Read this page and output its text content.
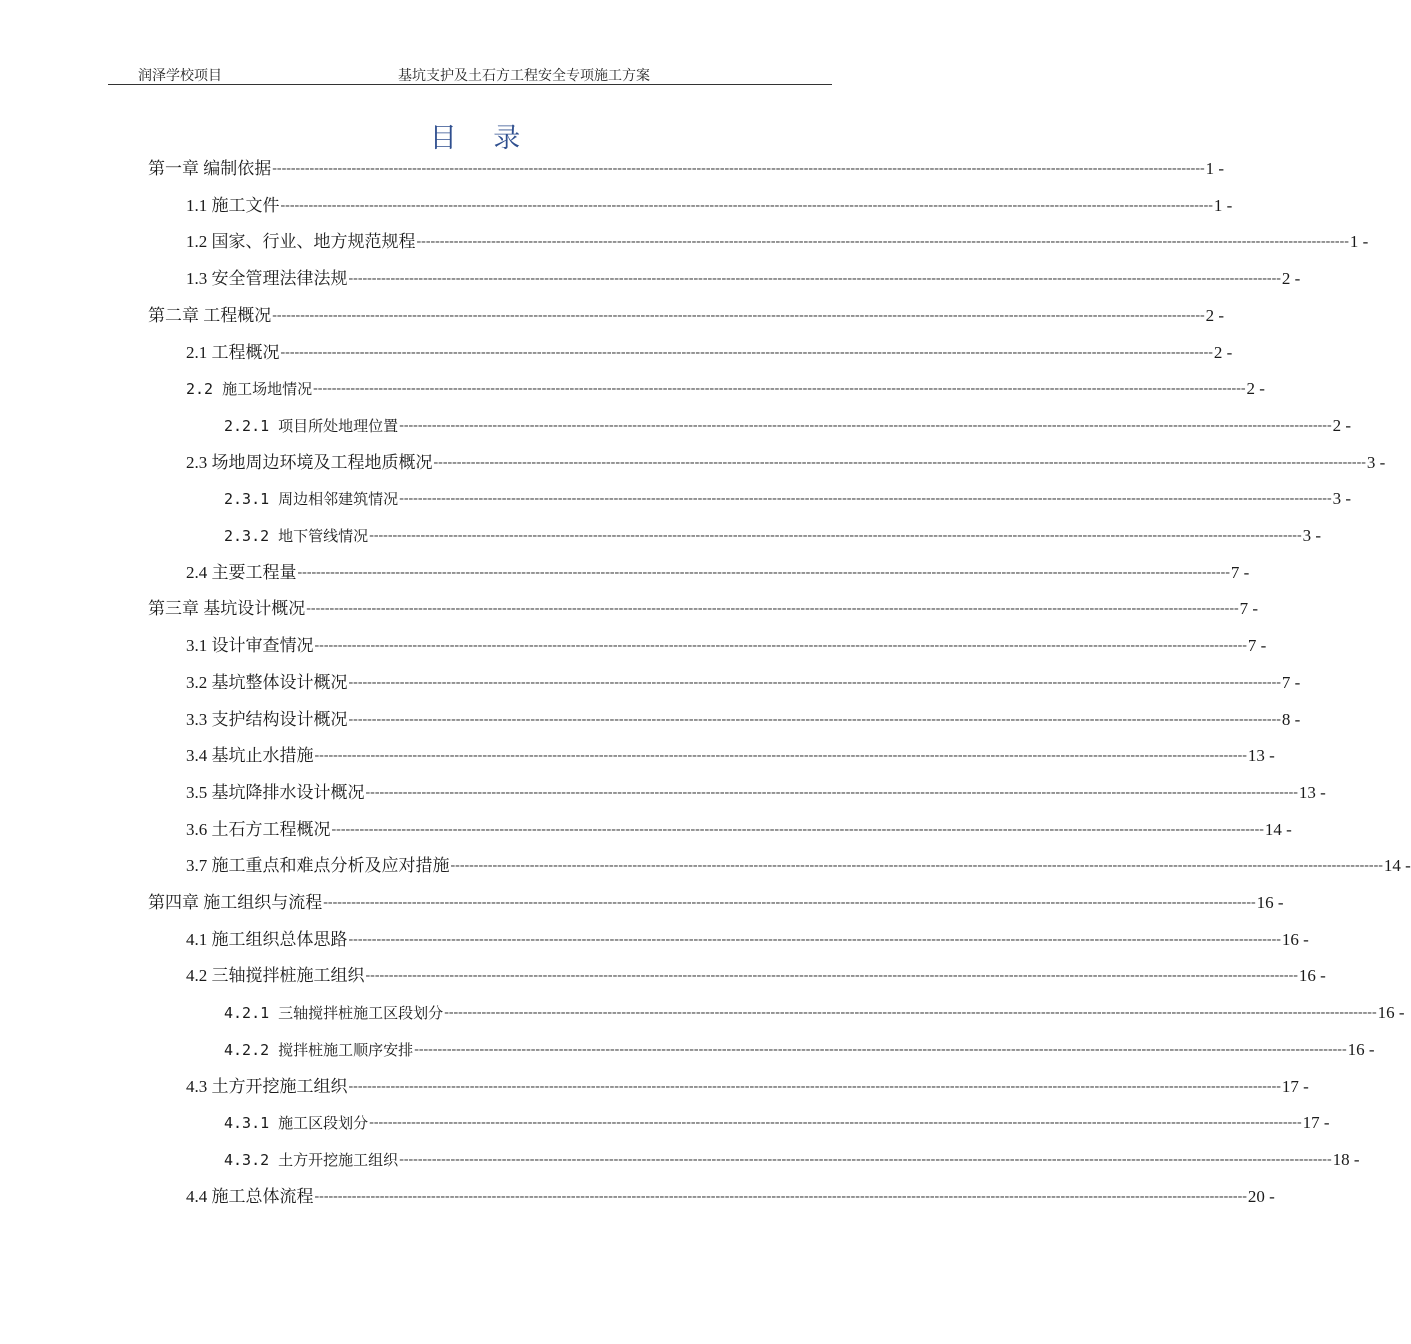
润泽学校项目	基坑支护及土石方工程安全专项施工方案
目 录
第一章 编制依据 -------------------------------------------------------------------------------------------------------------------------------------------------------------------------------------------------------- 1 -
1.1 施工文件 -------------------------------------------------------------------------------------------------------------------------------------------------------------------------------------------------------- 1 -
1.2 国家、行业、地方规范规程 -------------------------------------------------------------------------------------------------------------------------------------------------------------------------------------------------------- 1 -
1.3 安全管理法律法规 -------------------------------------------------------------------------------------------------------------------------------------------------------------------------------------------------------- 2 -
第二章 工程概况 -------------------------------------------------------------------------------------------------------------------------------------------------------------------------------------------------------- 2 -
2.1 工程概况 -------------------------------------------------------------------------------------------------------------------------------------------------------------------------------------------------------- 2 -
2.2 施工场地情况 -------------------------------------------------------------------------------------------------------------------------------------------------------------------------------------------------------- 2 -
2.2.1 项目所处地理位置 -------------------------------------------------------------------------------------------------------------------------------------------------------------------------------------------------------- 2 -
2.3 场地周边环境及工程地质概况 -------------------------------------------------------------------------------------------------------------------------------------------------------------------------------------------------------- 3 -
2.3.1 周边相邻建筑情况 -------------------------------------------------------------------------------------------------------------------------------------------------------------------------------------------------------- 3 -
2.3.2 地下管线情况 -------------------------------------------------------------------------------------------------------------------------------------------------------------------------------------------------------- 3 -
2.4 主要工程量 -------------------------------------------------------------------------------------------------------------------------------------------------------------------------------------------------------- 7 -
第三章 基坑设计概况 -------------------------------------------------------------------------------------------------------------------------------------------------------------------------------------------------------- 7 -
3.1 设计审查情况 -------------------------------------------------------------------------------------------------------------------------------------------------------------------------------------------------------- 7 -
3.2 基坑整体设计概况 -------------------------------------------------------------------------------------------------------------------------------------------------------------------------------------------------------- 7 -
3.3 支护结构设计概况 -------------------------------------------------------------------------------------------------------------------------------------------------------------------------------------------------------- 8 -
3.4 基坑止水措施 -------------------------------------------------------------------------------------------------------------------------------------------------------------------------------------------------------- 13 -
3.5 基坑降排水设计概况 -------------------------------------------------------------------------------------------------------------------------------------------------------------------------------------------------------- 13 -
3.6 土石方工程概况 -------------------------------------------------------------------------------------------------------------------------------------------------------------------------------------------------------- 14 -
3.7 施工重点和难点分析及应对措施 -------------------------------------------------------------------------------------------------------------------------------------------------------------------------------------------------------- 14 -
第四章 施工组织与流程 -------------------------------------------------------------------------------------------------------------------------------------------------------------------------------------------------------- 16 -
4.1 施工组织总体思路 -------------------------------------------------------------------------------------------------------------------------------------------------------------------------------------------------------- 16 -
4.2 三轴搅拌桩施工组织 -------------------------------------------------------------------------------------------------------------------------------------------------------------------------------------------------------- 16 -
4.2.1 三轴搅拌桩施工区段划分 -------------------------------------------------------------------------------------------------------------------------------------------------------------------------------------------------------- 16 -
4.2.2 搅拌桩施工顺序安排 -------------------------------------------------------------------------------------------------------------------------------------------------------------------------------------------------------- 16 -
4.3 土方开挖施工组织 -------------------------------------------------------------------------------------------------------------------------------------------------------------------------------------------------------- 17 -
4.3.1 施工区段划分 -------------------------------------------------------------------------------------------------------------------------------------------------------------------------------------------------------- 17 -
4.3.2 土方开挖施工组织 -------------------------------------------------------------------------------------------------------------------------------------------------------------------------------------------------------- 18 -
4.4 施工总体流程 -------------------------------------------------------------------------------------------------------------------------------------------------------------------------------------------------------- 20 -
